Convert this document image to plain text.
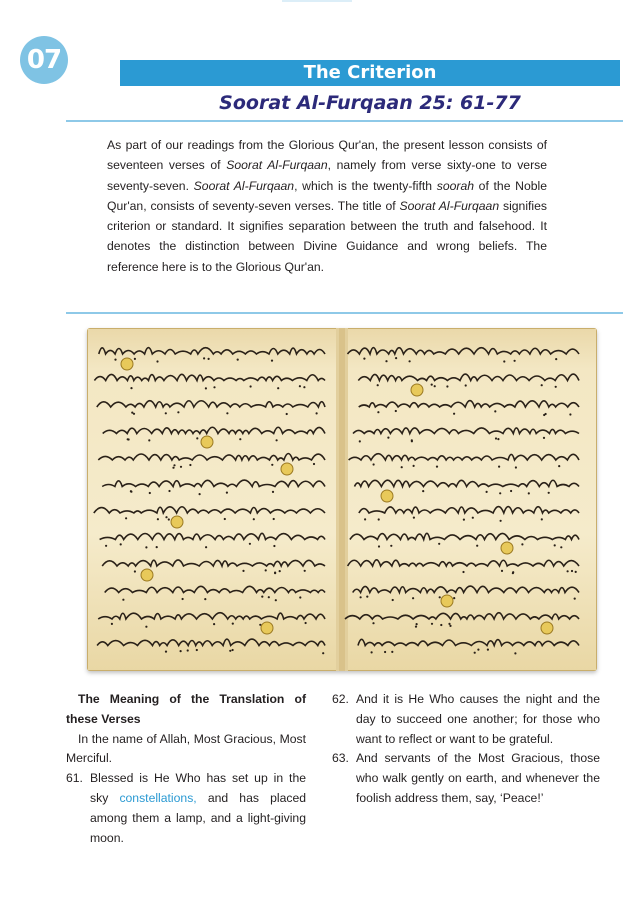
07	The Criterion
Soorat Al-Furqaan 25: 61-77
As part of our readings from the Glorious Qur'an, the present lesson consists of seventeen verses of Soorat Al-Furqaan, namely from verse sixty-one to verse seventy-seven. Soorat Al-Furqaan, which is the twenty-fifth soorah of the Noble Qur'an, consists of seventy-seven verses. The title of Soorat Al-Furqaan signifies criterion or standard. It signifies separation between the truth and falsehood. It denotes the distinction between Divine Guidance and wrong beliefs. The reference here is to the Glorious Qur'an.
The Meaning of the Translation of these Verses
In the name of Allah, Most Gracious, Most Merciful.
61. Blessed is He Who has set up in the sky constellations, and has placed among them a lamp, and a light-giving moon.
62. And it is He Who causes the night and the day to succeed one another; for those who want to reflect or want to be grateful.
63. And servants of the Most Gracious, those who walk gently on earth, and whenever the foolish address them, say, ‘Peace!’
